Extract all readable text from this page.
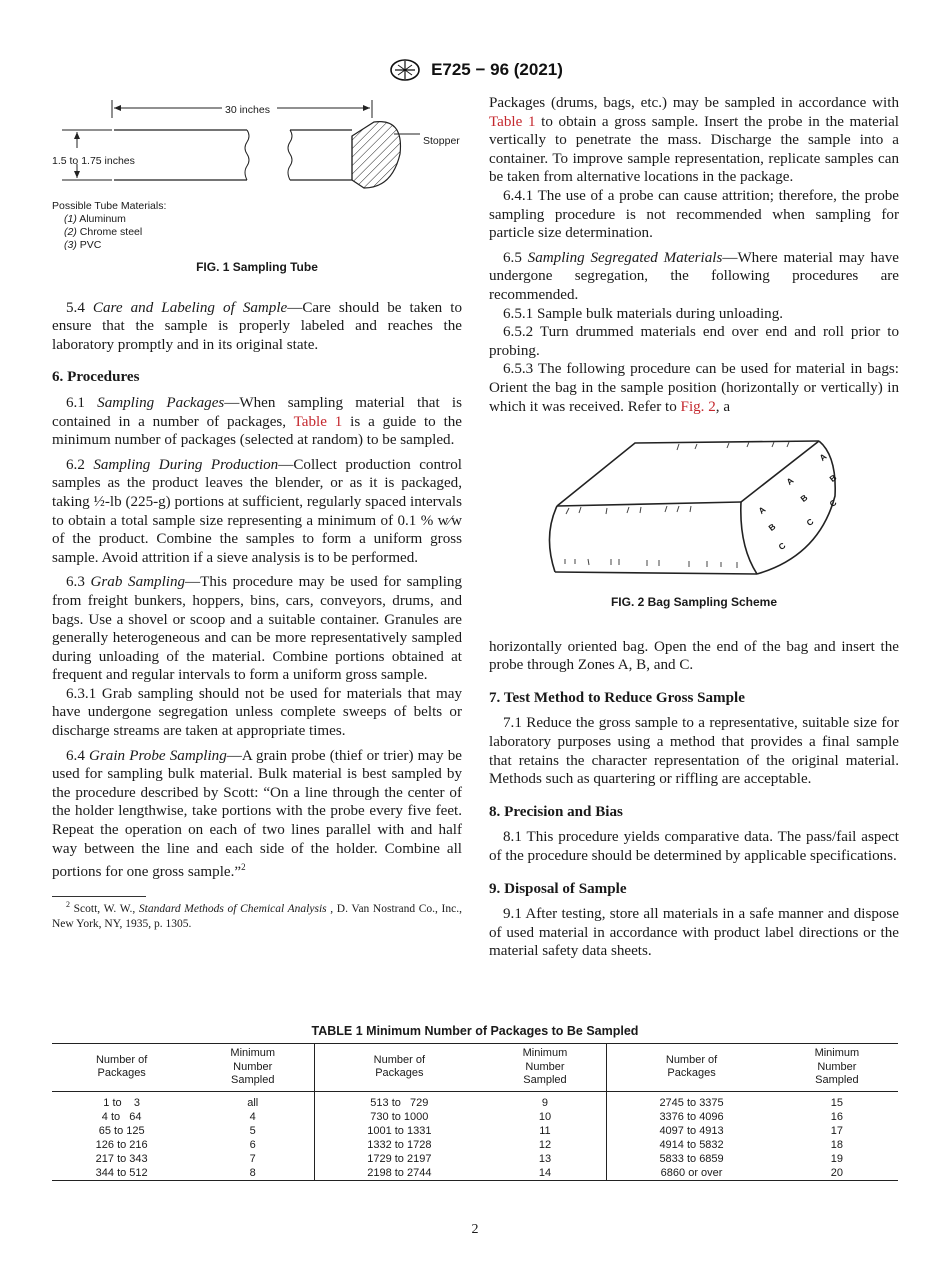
E725 − 96 (2021)
30 inches
1.5 to 1.75 inches
Stopper
Possible Tube Materials:
(1) Aluminum
(2) Chrome steel
(3) PVC
FIG. 1 Sampling Tube

5.4 Care and Labeling of Sample—Care should be taken to ensure that the sample is properly labeled and reaches the laboratory promptly and in its original state.

6. Procedures

6.1 Sampling Packages—When sampling material that is contained in a number of packages, Table 1 is a guide to the minimum number of packages (selected at random) to be sampled.

6.2 Sampling During Production—Collect production control samples as the product leaves the blender, or as it is packaged, taking ½-lb (225-g) portions at sufficient, regularly spaced intervals to obtain a total sample size representing a minimum of 0.1 % w⁄w of the product. Combine the samples to form a uniform gross sample. Avoid attrition if a sieve analysis is to be performed.

6.3 Grab Sampling—This procedure may be used for sampling from freight bunkers, hoppers, bins, cars, conveyors, drums, and bags. Use a shovel or scoop and a suitable container. Granules are generally heterogeneous and can be more representatively sampled during unloading of the material. Combine portions obtained at frequent and regular intervals to form a uniform gross sample.

6.3.1 Grab sampling should not be used for materials that may have undergone segregation unless complete sweeps of belts or discharge streams are taken at appropriate times.

6.4 Grain Probe Sampling—A grain probe (thief or trier) may be used for sampling bulk material. Bulk material is best sampled by the procedure described by Scott: “On a line through the center of the holder lengthwise, take portions with the probe every five feet. Repeat the operation on each of two lines parallel with and half way between the line and each side of the holder. Combine all portions for one gross sample.”$^2$

$^2$ Scott, W. W., Standard Methods of Chemical Analysis , D. Van Nostrand Co., Inc., New York, NY, 1935, p. 1305.

Packages (drums, bags, etc.) may be sampled in accordance with Table 1 to obtain a gross sample. Insert the probe in the material vertically to penetrate the mass. Discharge the sample into a container. To improve sample representation, replicate samples can be taken from alternative locations in the package.

6.4.1 The use of a probe can cause attrition; therefore, the probe sampling procedure is not recommended when sampling for particle size determination.

6.5 Sampling Segregated Materials—Where material may have undergone segregation, the following procedures are recommended.

6.5.1 Sample bulk materials during unloading.

6.5.2 Turn drummed materials end over end and roll prior to probing.

6.5.3 The following procedure can be used for material in bags: Orient the bag in the sample position (horizontally or vertically) in which it was received. Refer to Fig. 2, a

A
B
C
A
B
C
A
B
C
FIG. 2 Bag Sampling Scheme

horizontally oriented bag. Open the end of the bag and insert the probe through Zones A, B, and C.

7. Test Method to Reduce Gross Sample

7.1 Reduce the gross sample to a representative, suitable size for laboratory purposes using a method that provides a final sample that retains the character representation of the original material. Methods such as quartering or riffling are acceptable.

8. Precision and Bias

8.1 This procedure yields comparative data. The pass/fail aspect of the procedure should be determined by applicable specifications.

9. Disposal of Sample

9.1 After testing, store all materials in a safe manner and dispose of used material in accordance with product label directions or the material safety data sheets.

TABLE 1 Minimum Number of Packages to Be Sampled
Number of
Packages	Minimum
Number
Sampled	Number of
Packages	Minimum
Number
Sampled	Number of
Packages	Minimum
Number
Sampled
1 to    3	all	513 to   729	9	2745 to 3375	15
4 to   64	4	730 to 1000	10	3376 to 4096	16
65 to 125	5	1001 to 1331	11	4097 to 4913	17
126 to 216	6	1332 to 1728	12	4914 to 5832	18
217 to 343	7	1729 to 2197	13	5833 to 6859	19
344 to 512	8	2198 to 2744	14	6860 or over	20
2
